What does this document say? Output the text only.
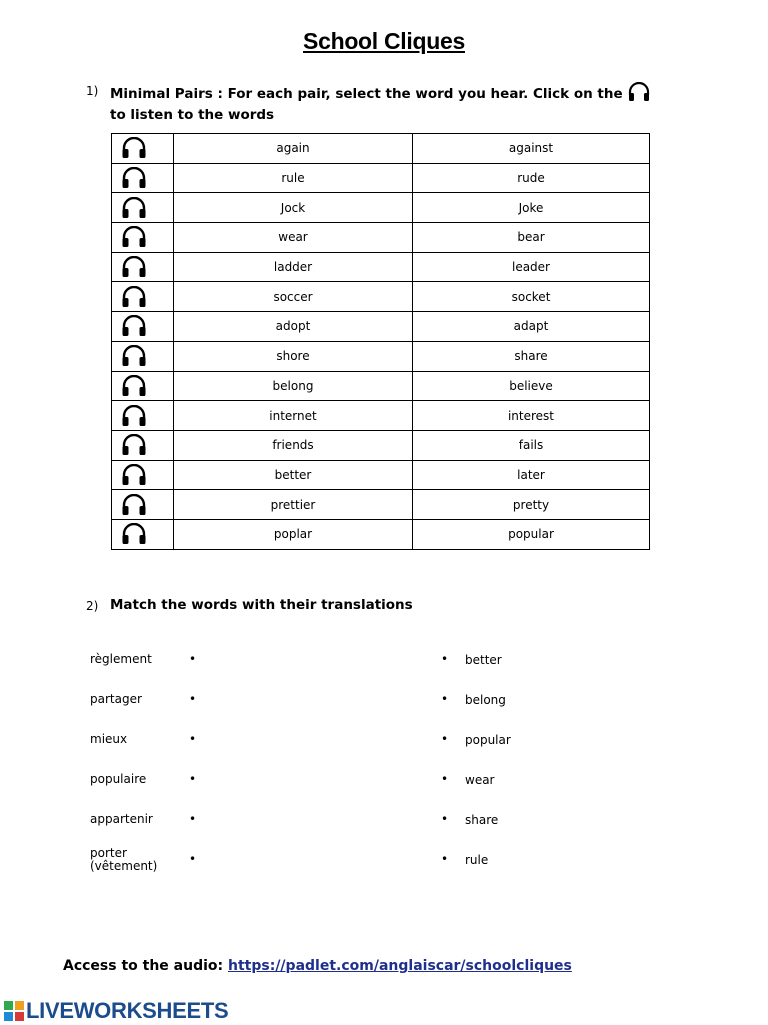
School Cliques
1) Minimal Pairs : For each pair, select the word you hear. Click on the
to listen to the words
	again	against

	rule	rude

	Jock	Joke

	wear	bear

	ladder	leader

	soccer	socket

	adopt	adapt

	shore	share

	belong	believe

	internet	interest

	friends	fails

	better	later

	prettier	pretty

	poplar	popular
2) Match the words with their translations
règlement	•	• better
partager	•	• belong
mieux	•	• popular
populaire	•	• wear
appartenir	•	• share
porter
(vêtement)	•	• rule
Access to the audio: https://padlet.com/anglaiscar/schoolcliques
LIVEWORKSHEETS
